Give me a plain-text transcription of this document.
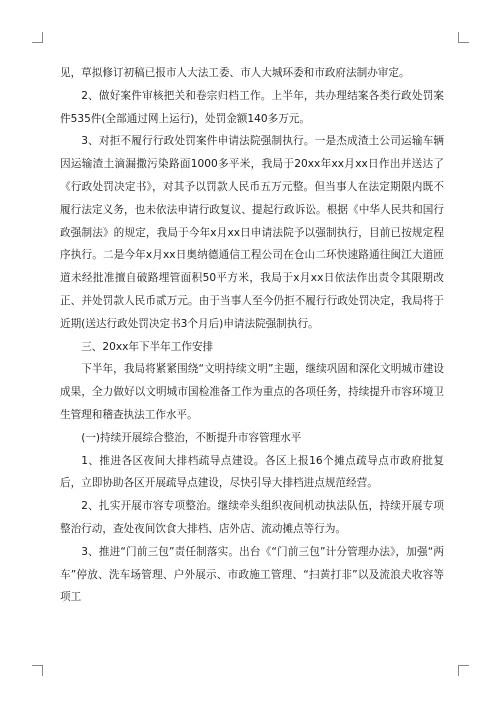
见，草拟修订初稿已报市人大法工委、市人大城环委和市政府法制办审定。

2、做好案件审核把关和卷宗归档工作。上半年，共办理结案各类行政处罚案件535件(全部通过网上运行)，处罚金额140多万元。

3、对拒不履行行政处罚案件申请法院强制执行。一是杰成渣土公司运输车辆因运输渣土滴漏撒污染路面1000多平米，我局于20xx年xx月xx日作出并送达了《行政处罚决定书》，对其予以罚款人民币五万元整。但当事人在法定期限内既不履行法定义务，也未依法申请行政复议、提起行政诉讼。根据《中华人民共和国行政强制法》的规定，我局于今年x月xx日申请法院予以强制执行，目前已按规定程序执行。二是今年x月xx日奥纳德通信工程公司在仓山二环快速路通往闽江大道匝道未经批准擅自破路埋管面积50平方米，我局于x月xx日依法作出责令其限期改正、并处罚款人民币贰万元。由于当事人至今仍拒不履行行政处罚决定，我局将于近期(送达行政处罚决定书3个月后)申请法院强制执行。

三、20xx年下半年工作安排

下半年，我局将紧紧围绕“文明持续文明”主题，继续巩固和深化文明城市建设成果，全力做好以文明城市国检准备工作为重点的各项任务，持续提升市容环境卫生管理和稽查执法工作水平。

(一)持续开展综合整治，不断提升市容管理水平

1、推进各区夜间大排档疏导点建设。各区上报16个摊点疏导点市政府批复后，立即协助各区开展疏导点建设，尽快引导大排档进点规范经营。

2、扎实开展市容专项整治。继续牵头组织夜间机动执法队伍，持续开展专项整治行动，查处夜间饮食大排档、店外店、流动摊点等行为。

3、推进“门前三包”责任制落实。出台《“门前三包”计分管理办法》，加强“两车”停放、洗车场管理、户外展示、市政施工管理、“扫黄打非”以及流浪犬收容等项工
